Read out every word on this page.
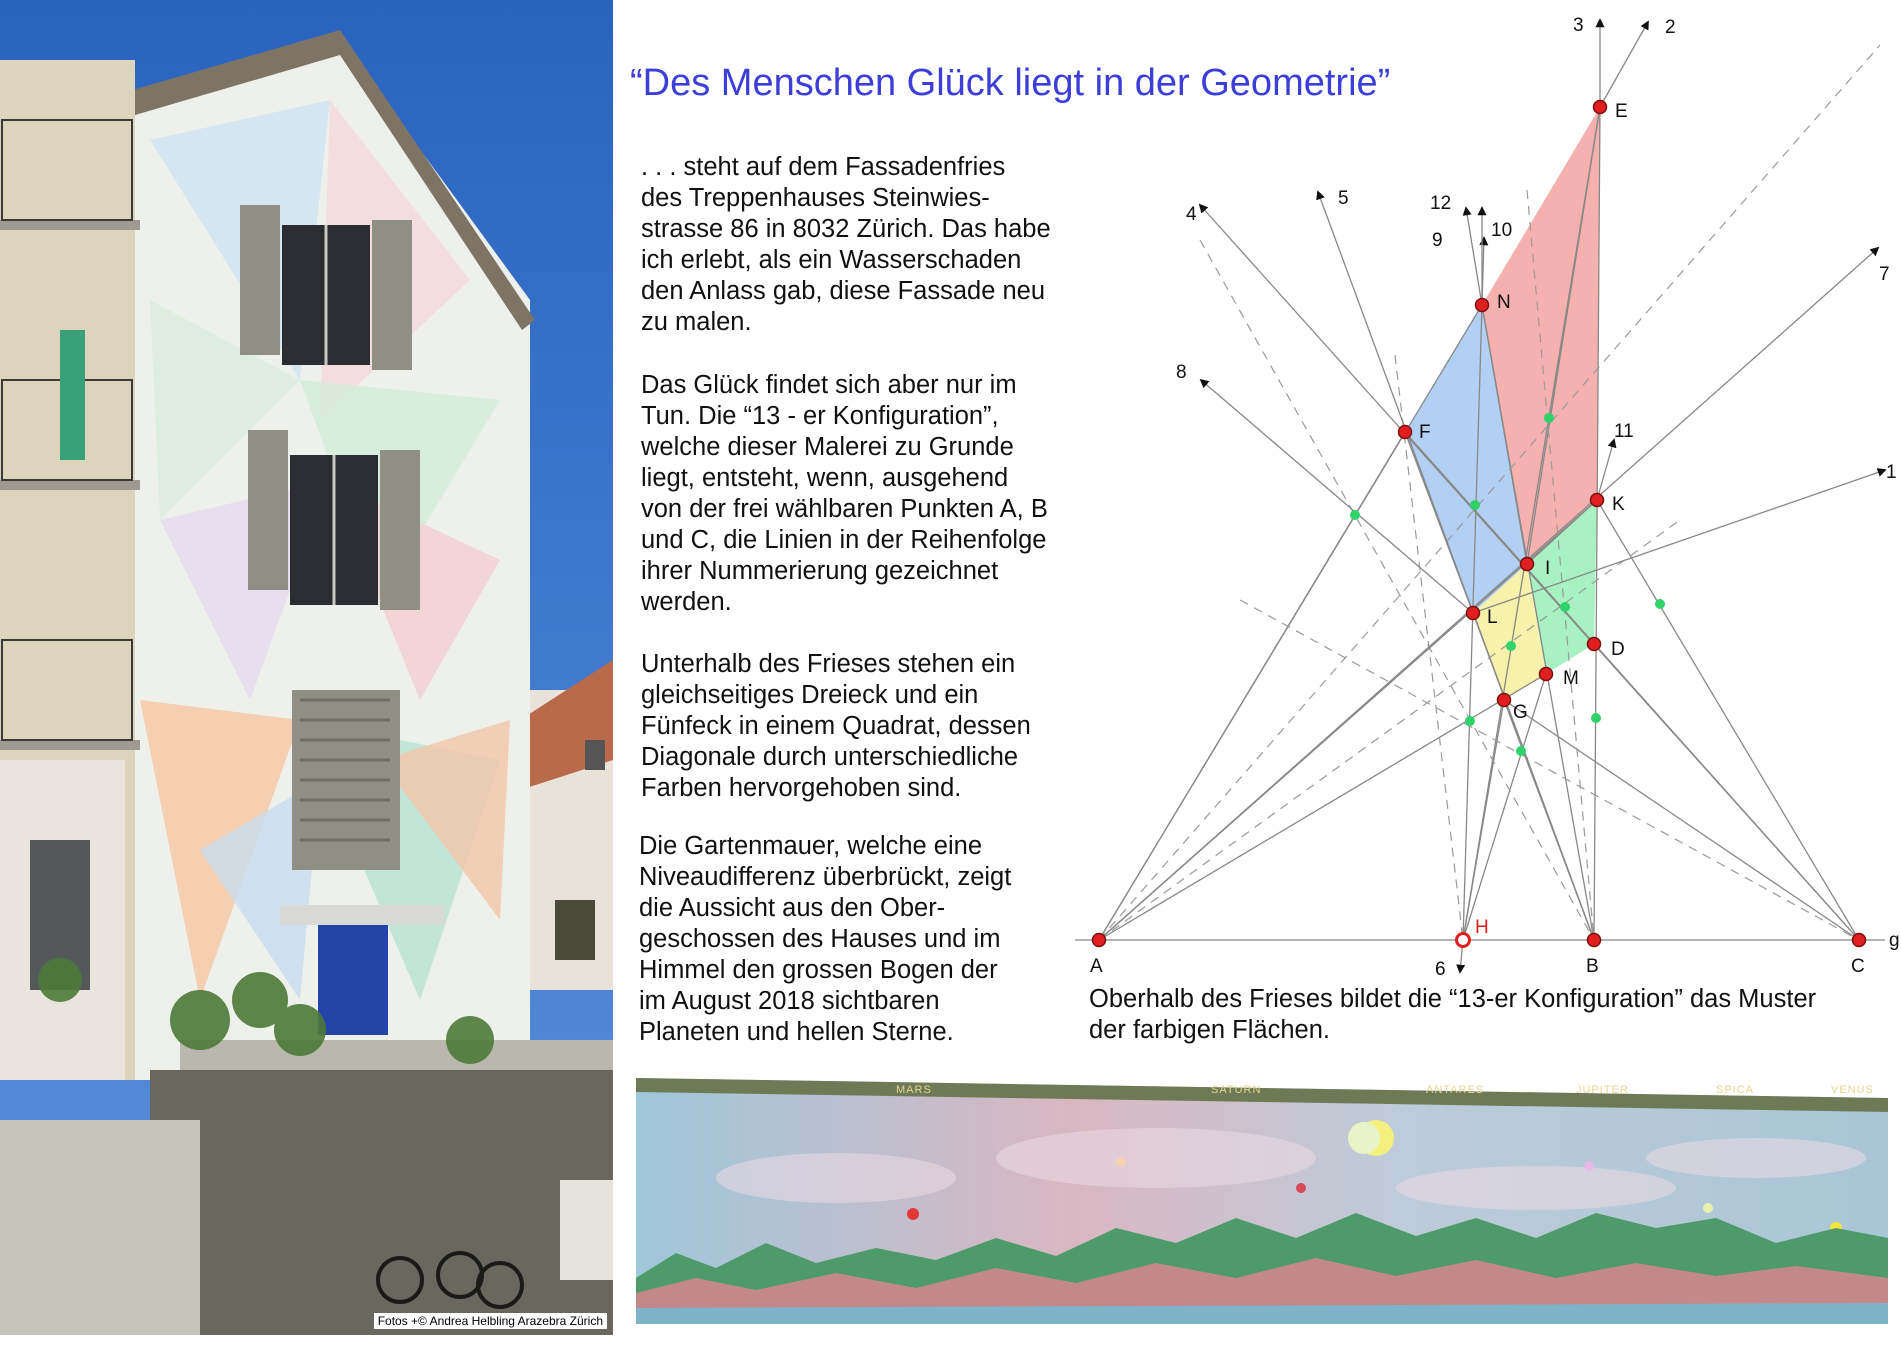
Fotos +© Andrea Helbling Arazebra Zürich
“Des Menschen Glück liegt in der Geometrie”

. . . steht auf dem Fassadenfries
des Treppenhauses Steinwies-
strasse 86 in 8032 Zürich. Das habe
ich erlebt, als ein Wasserschaden
den Anlass gab, diese Fassade neu
zu malen.

Das Glück findet sich aber nur im
Tun. Die “13 - er Konfiguration”,
welche dieser Malerei zu Grunde
liegt, entsteht, wenn, ausgehend
von der frei wählbaren Punkten A, B
und C, die Linien in der Reihenfolge
ihrer Nummerierung gezeichnet
werden.

Unterhalb des Frieses stehen ein
gleichseitiges Dreieck und ein
Fünfeck in einem Quadrat, dessen
Diagonale durch unterschiedliche
Farben hervorgehoben sind.

Die Gartenmauer, welche eine
Niveaudifferenz überbrückt, zeigt
die Aussicht aus den Ober-
geschossen des Hauses und im
Himmel den grossen Bogen der
im August 2018 sichtbaren
Planeten und hellen Sterne.

Oberhalb des Frieses bildet die “13-er Konfiguration” das Muster
der farbigen Flächen.

A	B	C
D
E
F
G
H
I
K
L
M
N
g
1
2
3
4
5
6
7
8
9	10
11
12
MARS	SATURN	ANTARES	JUPITER	SPICA	VENUS
